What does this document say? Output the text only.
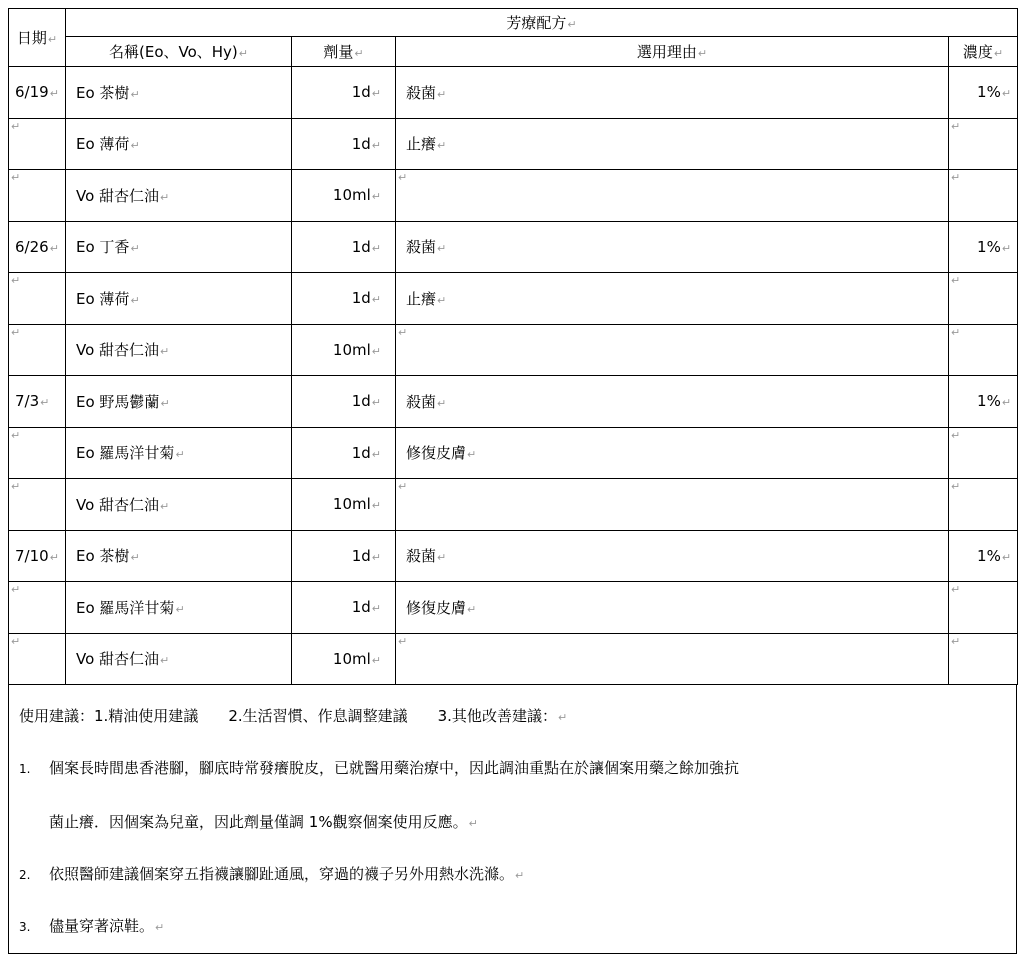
日期↵	芳療配方↵			
	名稱(Eo、Vo、Hy)↵	劑量↵	選用理由↵	濃度↵
6/19↵	Eo 茶樹↵	1d↵	殺菌↵	1%↵

↵	Eo 薄荷↵	1d↵	止癢↵	↵

↵	Vo 甜杏仁油↵	10ml↵	↵	↵

6/26↵	Eo 丁香↵	1d↵	殺菌↵	1%↵

↵	Eo 薄荷↵	1d↵	止癢↵	↵

↵	Vo 甜杏仁油↵	10ml↵	↵	↵

7/3↵	Eo 野馬鬱蘭↵	1d↵	殺菌↵	1%↵

↵	Eo 羅馬洋甘菊↵	1d↵	修復皮膚↵	↵

↵	Vo 甜杏仁油↵	10ml↵	↵	↵

7/10↵	Eo 茶樹↵	1d↵	殺菌↵	1%↵

↵	Eo 羅馬洋甘菊↵	1d↵	修復皮膚↵	↵

↵	Vo 甜杏仁油↵	10ml↵	↵	↵
使用建議：1.精油使用建議　　2.生活習慣、作息調整建議　　3.其他改善建議：↵
1. 個案長時間患香港腳，腳底時常發癢脫皮，已就醫用藥治療中，因此調油重點在於讓個案用藥之餘加強抗
菌止癢．因個案為兒童，因此劑量僅調 1%觀察個案使用反應。↵
2. 依照醫師建議個案穿五指襪讓腳趾通風，穿過的襪子另外用熱水洗滌。↵
3. 儘量穿著涼鞋。↵
